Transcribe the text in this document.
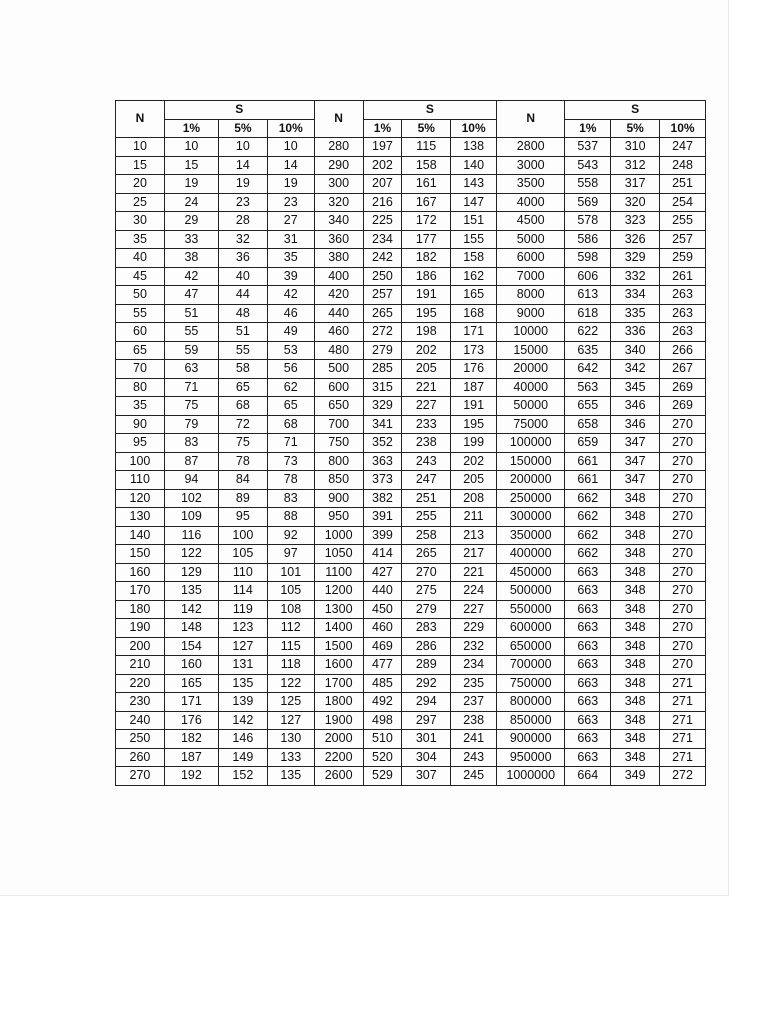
N	S			N	S			N	S		
	1%	5%	10%		1%	5%	10%		1%	5%	10%
10	10	10	10	280	197	115	138	2800	537	310	247
15	15	14	14	290	202	158	140	3000	543	312	248
20	19	19	19	300	207	161	143	3500	558	317	251
25	24	23	23	320	216	167	147	4000	569	320	254
30	29	28	27	340	225	172	151	4500	578	323	255
35	33	32	31	360	234	177	155	5000	586	326	257
40	38	36	35	380	242	182	158	6000	598	329	259
45	42	40	39	400	250	186	162	7000	606	332	261
50	47	44	42	420	257	191	165	8000	613	334	263
55	51	48	46	440	265	195	168	9000	618	335	263
60	55	51	49	460	272	198	171	10000	622	336	263
65	59	55	53	480	279	202	173	15000	635	340	266
70	63	58	56	500	285	205	176	20000	642	342	267
80	71	65	62	600	315	221	187	40000	563	345	269
35	75	68	65	650	329	227	191	50000	655	346	269
90	79	72	68	700	341	233	195	75000	658	346	270
95	83	75	71	750	352	238	199	100000	659	347	270
100	87	78	73	800	363	243	202	150000	661	347	270
110	94	84	78	850	373	247	205	200000	661	347	270
120	102	89	83	900	382	251	208	250000	662	348	270
130	109	95	88	950	391	255	211	300000	662	348	270
140	116	100	92	1000	399	258	213	350000	662	348	270
150	122	105	97	1050	414	265	217	400000	662	348	270
160	129	110	101	1100	427	270	221	450000	663	348	270
170	135	114	105	1200	440	275	224	500000	663	348	270
180	142	119	108	1300	450	279	227	550000	663	348	270
190	148	123	112	1400	460	283	229	600000	663	348	270
200	154	127	115	1500	469	286	232	650000	663	348	270
210	160	131	118	1600	477	289	234	700000	663	348	270
220	165	135	122	1700	485	292	235	750000	663	348	271
230	171	139	125	1800	492	294	237	800000	663	348	271
240	176	142	127	1900	498	297	238	850000	663	348	271
250	182	146	130	2000	510	301	241	900000	663	348	271
260	187	149	133	2200	520	304	243	950000	663	348	271
270	192	152	135	2600	529	307	245	1000000	664	349	272
